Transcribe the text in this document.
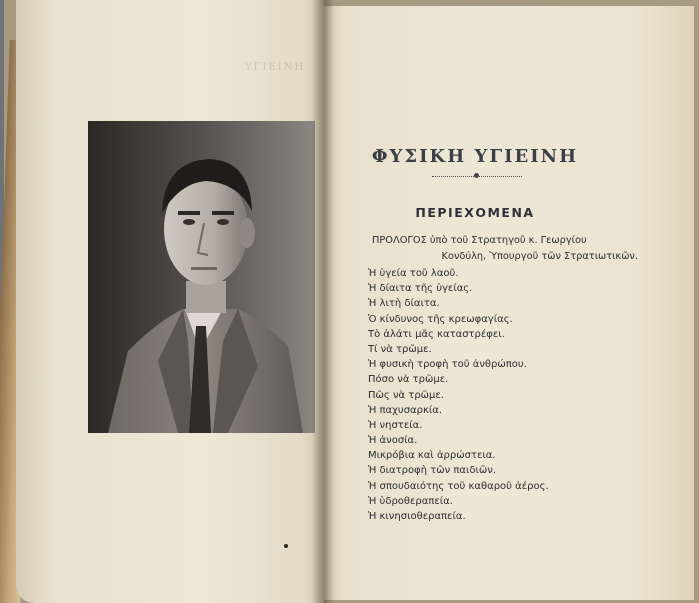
ΥΓΙΕΙΝΗ
ΦΥΣΙΚΗ ΥΓΙΕΙΝΗ
ΠΕΡΙΕΧΟΜΕΝΑ

ΠΡΟΛΟΓΟΣ ὑπὸ τοῦ Στρατηγοῦ κ. Γεωργίου
Κονδύλη, Ὑπουργοῦ τῶν Στρατιωτικῶν.

Ἡ ὑγεία τοῦ λαοῦ.
Ἡ δίαιτα τῆς ὑγείας.
Ἡ λιτὴ δίαιτα.
Ὁ κίνδυνος τῆς κρεωφαγίας.
Τὸ ἁλάτι μᾶς καταστρέφει.
Τί νὰ τρῶμε.
Ἡ φυσικὴ τροφὴ τοῦ ἀνθρώπου.
Πόσο νὰ τρῶμε.
Πῶς νὰ τρῶμε.
Ἡ παχυσαρκία.
Ἡ νηστεία.
Ἡ ἀνοσία.
Μικρόβια καὶ ἀρρώστεια.
Ἡ διατροφὴ τῶν παιδιῶν.
Ἡ σπουδαιότης τοῦ καθαροῦ ἀέρος.
Ἡ ὑδροθεραπεία.
Ἡ κινησιοθεραπεία.
